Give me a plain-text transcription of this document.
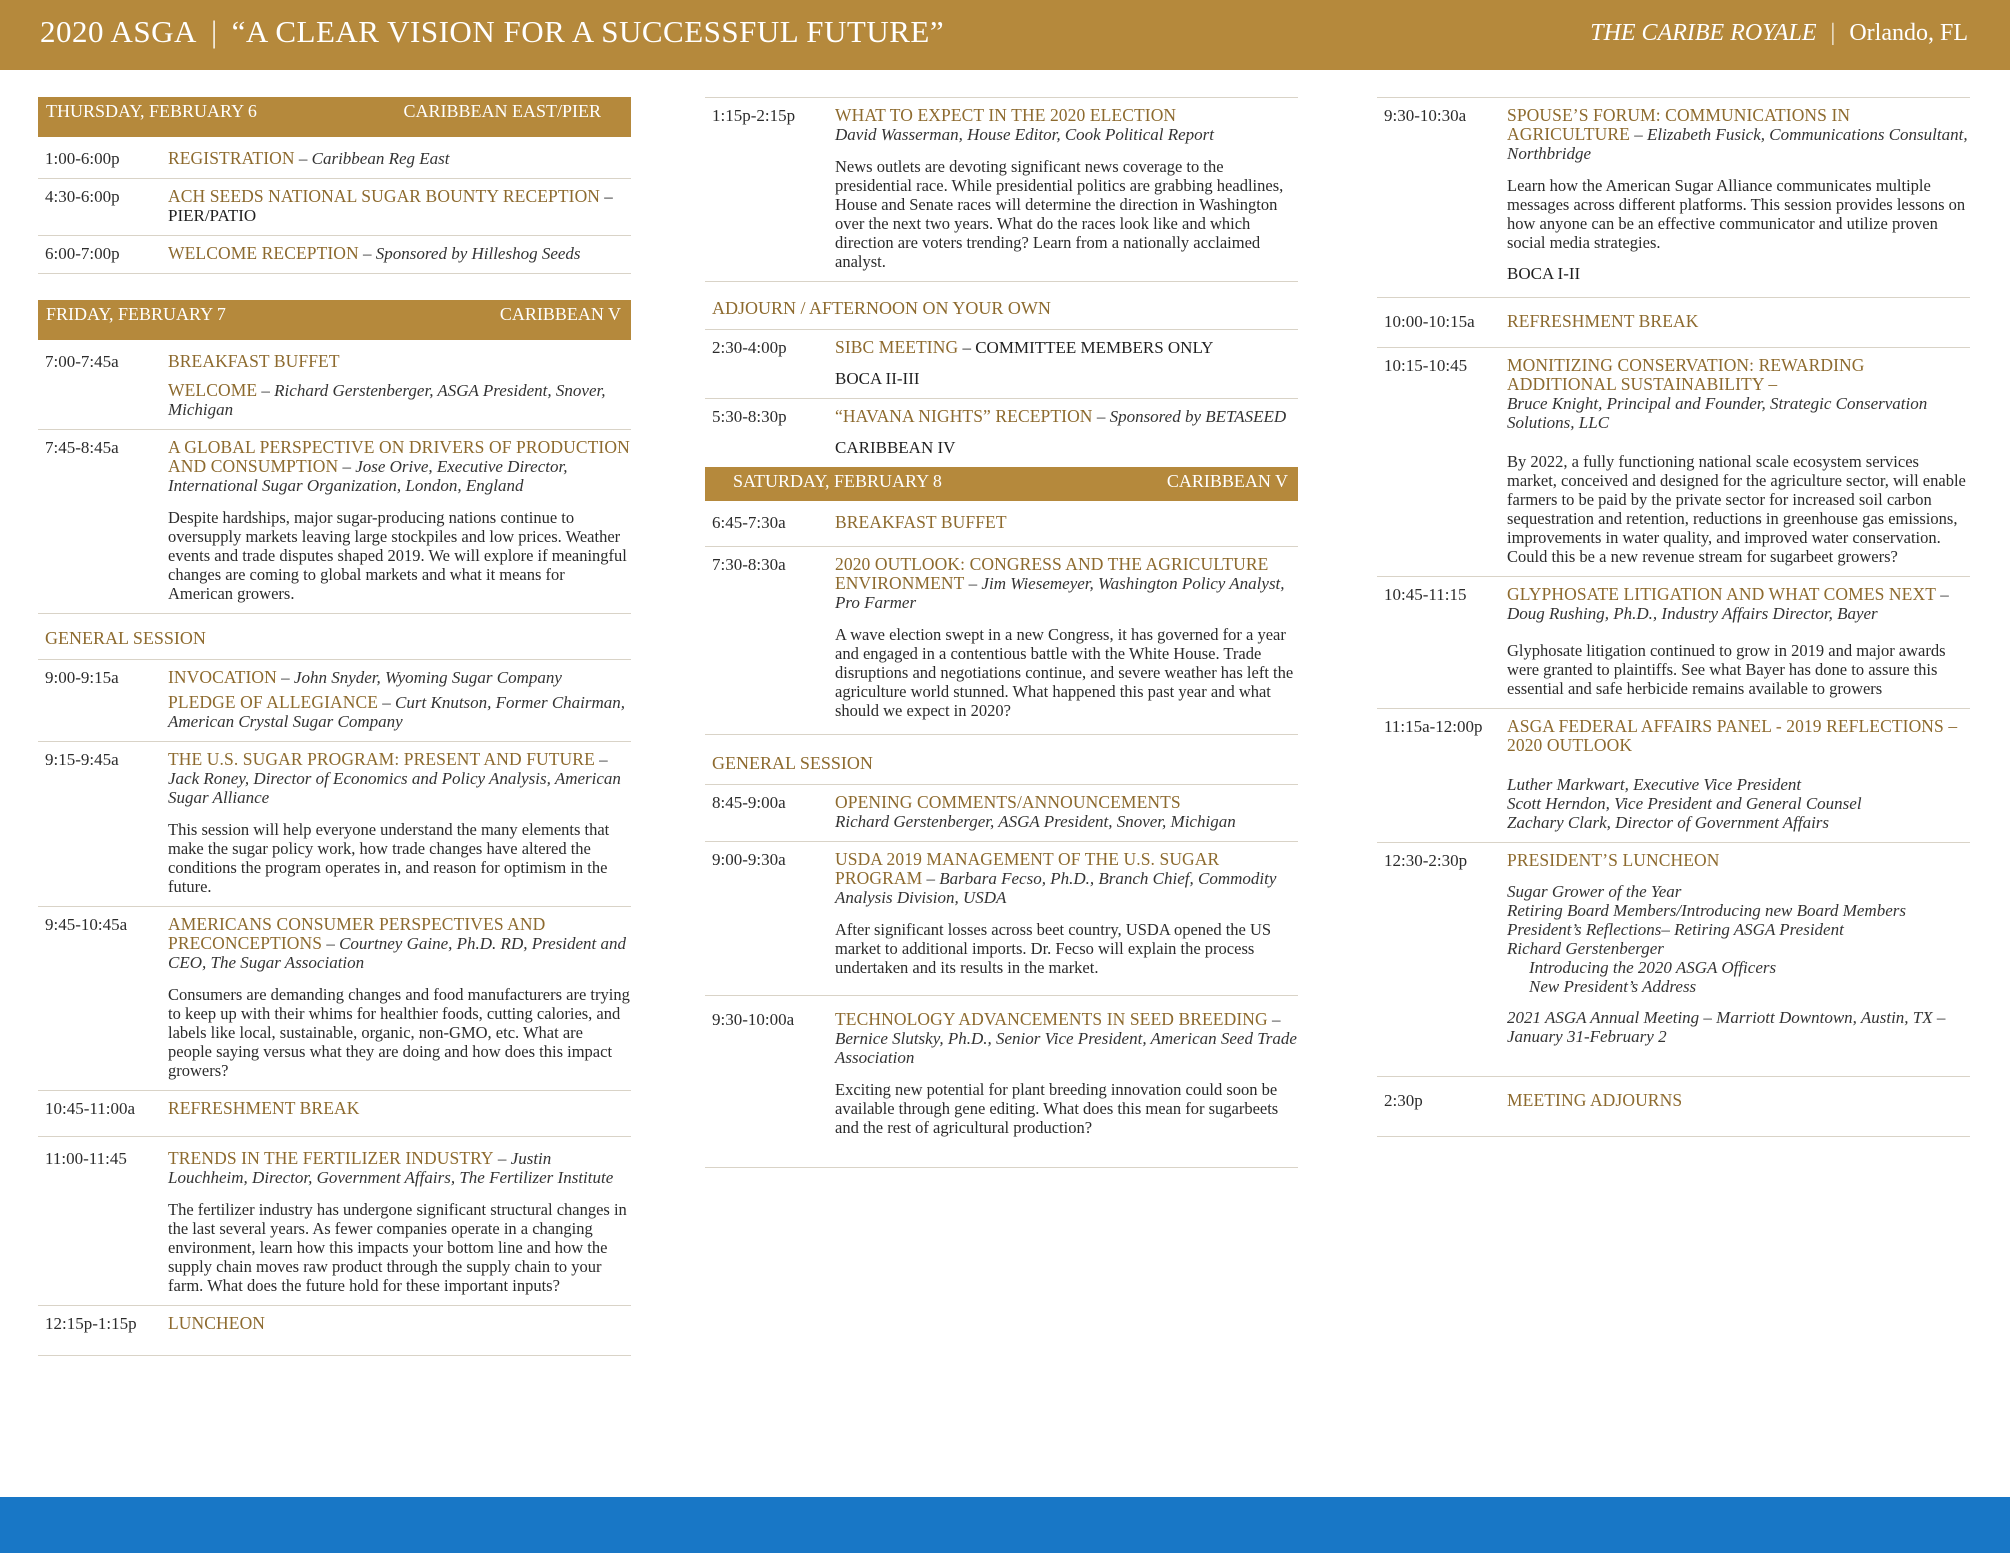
2020 ASGA | “A CLEAR VISION FOR A SUCCESSFUL FUTURE”	THE CARIBE ROYALE | Orlando, FL
THURSDAY, FEBRUARY 6	CARIBBEAN EAST/PIER
1:00-6:00p	REGISTRATION – Caribbean Reg East
4:30-6:00p	ACH SEEDS NATIONAL SUGAR BOUNTY RECEPTION – PIER/PATIO
6:00-7:00p	WELCOME RECEPTION – Sponsored by Hilleshog Seeds
FRIDAY, FEBRUARY 7	CARIBBEAN V
7:00-7:45a	BREAKFAST BUFFET
WELCOME – Richard Gerstenberger, ASGA President, Snover, Michigan
7:45-8:45a	A GLOBAL PERSPECTIVE ON DRIVERS OF PRODUCTION AND CONSUMPTION – Jose Orive, Executive Director, International Sugar Organization, London, England
Despite hardships, major sugar-producing nations continue to oversupply markets leaving large stockpiles and low prices. Weather events and trade disputes shaped 2019. We will explore if meaningful changes are coming to global markets and what it means for American growers.
GENERAL SESSION
9:00-9:15a	INVOCATION – John Snyder, Wyoming Sugar Company
PLEDGE OF ALLEGIANCE – Curt Knutson, Former Chairman, American Crystal Sugar Company
9:15-9:45a	THE U.S. SUGAR PROGRAM: PRESENT AND FUTURE – Jack Roney, Director of Economics and Policy Analysis, American Sugar Alliance
This session will help everyone understand the many elements that make the sugar policy work, how trade changes have altered the conditions the program operates in, and reason for optimism in the future.
9:45-10:45a AMERICANS CONSUMER PERSPECTIVES AND PRECONCEPTIONS – Courtney Gaine, Ph.D. RD, President and CEO, The Sugar Association
Consumers are demanding changes and food manufacturers are trying to keep up with their whims for healthier foods, cutting calories, and labels like local, sustainable, organic, non-GMO, etc. What are people saying versus what they are doing and how does this impact growers?
10:45-11:00a REFRESHMENT BREAK
11:00-11:45 TRENDS IN THE FERTILIZER INDUSTRY – Justin Louchheim, Director, Government Affairs, The Fertilizer Institute
The fertilizer industry has undergone significant structural changes in the last several years. As fewer companies operate in a changing environment, learn how this impacts your bottom line and how the supply chain moves raw product through the supply chain to your farm. What does the future hold for these important inputs?
12:15p-1:15p LUNCHEON
1:15p-2:15p WHAT TO EXPECT IN THE 2020 ELECTION
David Wasserman, House Editor, Cook Political Report
News outlets are devoting significant news coverage to the presidential race. While presidential politics are grabbing headlines, House and Senate races will determine the direction in Washington over the next two years. What do the races look like and which direction are voters trending? Learn from a nationally acclaimed analyst.
ADJOURN / AFTERNOON ON YOUR OWN
2:30-4:00p	SIBC MEETING – COMMITTEE MEMBERS ONLY
BOCA II-III
5:30-8:30p	“HAVANA NIGHTS” RECEPTION – Sponsored by BETASEED
CARIBBEAN IV
SATURDAY, FEBRUARY 8	CARIBBEAN V
6:45-7:30a	BREAKFAST BUFFET
7:30-8:30a	2020 OUTLOOK: CONGRESS AND THE AGRICULTURE ENVIRONMENT – Jim Wiesemeyer, Washington Policy Analyst, Pro Farmer
A wave election swept in a new Congress, it has governed for a year and engaged in a contentious battle with the White House. Trade disruptions and negotiations continue, and severe weather has left the agriculture world stunned. What happened this past year and what should we expect in 2020?
GENERAL SESSION
8:45-9:00a	OPENING COMMENTS/ANNOUNCEMENTS
Richard Gerstenberger, ASGA President, Snover, Michigan
9:00-9:30a	USDA 2019 MANAGEMENT OF THE U.S. SUGAR PROGRAM – Barbara Fecso, Ph.D., Branch Chief, Commodity Analysis Division, USDA
After significant losses across beet country, USDA opened the US market to additional imports. Dr. Fecso will explain the process undertaken and its results in the market.
9:30-10:00a TECHNOLOGY ADVANCEMENTS IN SEED BREEDING – Bernice Slutsky, Ph.D., Senior Vice President, American Seed Trade Association
Exciting new potential for plant breeding innovation could soon be available through gene editing. What does this mean for sugarbeets and the rest of agricultural production?
9:30-10:30a SPOUSE’S FORUM: COMMUNICATIONS IN AGRICULTURE – Elizabeth Fusick, Communications Consultant, Northbridge
Learn how the American Sugar Alliance communicates multiple messages across different platforms. This session provides lessons on how anyone can be an effective communicator and utilize proven social media strategies.
BOCA I-II
10:00-10:15a REFRESHMENT BREAK
10:15-10:45 MONITIZING CONSERVATION: REWARDING ADDITIONAL SUSTAINABILITY –
Bruce Knight, Principal and Founder, Strategic Conservation Solutions, LLC
By 2022, a fully functioning national scale ecosystem services market, conceived and designed for the agriculture sector, will enable farmers to be paid by the private sector for increased soil carbon sequestration and retention, reductions in greenhouse gas emissions, improvements in water quality, and improved water conservation. Could this be a new revenue stream for sugarbeet growers?
10:45-11:15 GLYPHOSATE LITIGATION AND WHAT COMES NEXT – Doug Rushing, Ph.D., Industry Affairs Director, Bayer
Glyphosate litigation continued to grow in 2019 and major awards were granted to plaintiffs. See what Bayer has done to assure this essential and safe herbicide remains available to growers
11:15a-12:00p ASGA FEDERAL AFFAIRS PANEL - 2019 REFLECTIONS – 2020 OUTLOOK
Luther Markwart, Executive Vice President
Scott Herndon, Vice President and General Counsel
Zachary Clark, Director of Government Affairs
12:30-2:30p PRESIDENT’S LUNCHEON
Sugar Grower of the Year
Retiring Board Members/Introducing new Board Members
President’s Reflections– Retiring ASGA President
Richard Gerstenberger
Introducing the 2020 ASGA Officers
New President’s Address
2021 ASGA Annual Meeting – Marriott Downtown, Austin, TX – January 31-February 2
2:30p	MEETING ADJOURNS
